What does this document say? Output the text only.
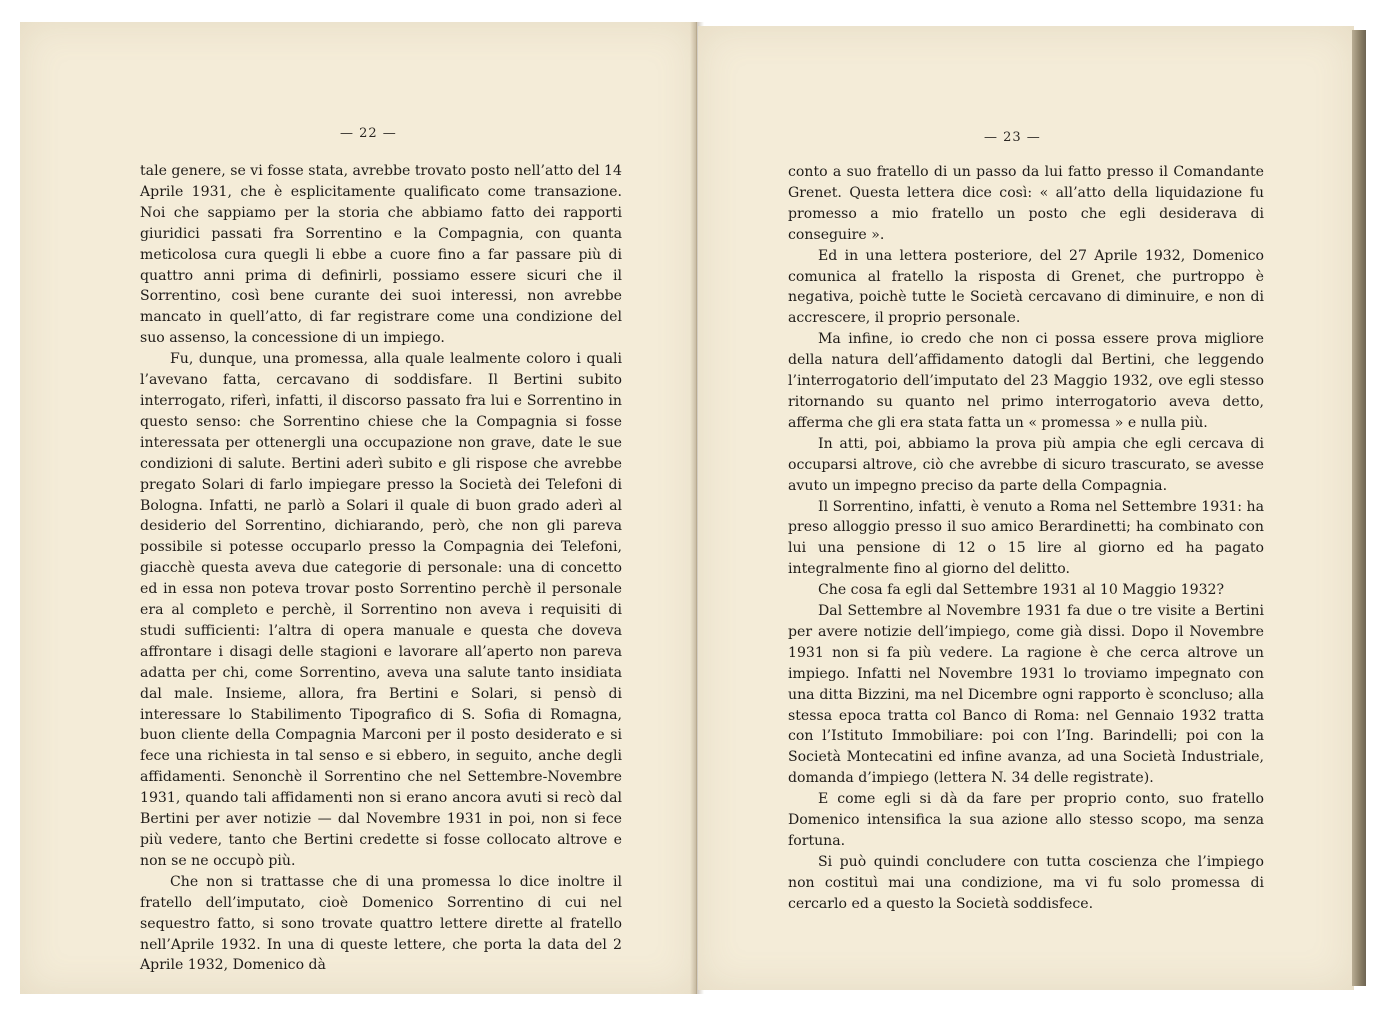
— 22 —

tale genere, se vi fosse stata, avrebbe trovato posto nell’atto del 14 Aprile 1931, che è esplicitamente qualificato come transazione. Noi che sappiamo per la storia che abbiamo fatto dei rapporti giuridici passati fra Sorrentino e la Compagnia, con quanta meticolosa cura quegli li ebbe a cuore fino a far passare più di quattro anni prima di definirli, possiamo essere sicuri che il Sorrentino, così bene curante dei suoi interessi, non avrebbe mancato in quell’atto, di far registrare come una condizione del suo assenso, la concessione di un impiego.

Fu, dunque, una promessa, alla quale lealmente coloro i quali l’avevano fatta, cercavano di soddisfare. Il Bertini subito interrogato, riferì, infatti, il discorso passato fra lui e Sorrentino in questo senso: che Sorrentino chiese che la Compagnia si fosse interessata per ottenergli una occupazione non grave, date le sue condizioni di salute. Bertini aderì subito e gli rispose che avrebbe pregato Solari di farlo impiegare presso la Società dei Telefoni di Bologna. Infatti, ne parlò a Solari il quale di buon grado aderì al desiderio del Sorrentino, dichiarando, però, che non gli pareva possibile si potesse occuparlo presso la Compagnia dei Telefoni, giacchè questa aveva due categorie di personale: una di concetto ed in essa non poteva trovar posto Sorrentino perchè il personale era al completo e perchè, il Sorrentino non aveva i requisiti di studi sufficienti: l’altra di opera manuale e questa che doveva affrontare i disagi delle stagioni e lavorare all’aperto non pareva adatta per chi, come Sorrentino, aveva una salute tanto insidiata dal male. Insieme, allora, fra Bertini e Solari, si pensò di interessare lo Stabilimento Tipografico di S. Sofia di Romagna, buon cliente della Compagnia Marconi per il posto desiderato e si fece una richiesta in tal senso e si ebbero, in seguito, anche degli affidamenti. Senonchè il Sorrentino che nel Settembre-Novembre 1931, quando tali affidamenti non si erano ancora avuti si recò dal Bertini per aver notizie — dal Novembre 1931 in poi, non si fece più vedere, tanto che Bertini credette si fosse collocato altrove e non se ne occupò più.

Che non si trattasse che di una promessa lo dice inoltre il fratello dell’imputato, cioè Domenico Sorrentino di cui nel sequestro fatto, si sono trovate quattro lettere dirette al fratello nell’Aprile 1932. In una di queste lettere, che porta la data del 2 Aprile 1932, Domenico dà

— 23 —

conto a suo fratello di un passo da lui fatto presso il Comandante Grenet. Questa lettera dice così: « all’atto della liquidazione fu promesso a mio fratello un posto che egli desiderava di conseguire ».

Ed in una lettera posteriore, del 27 Aprile 1932, Domenico comunica al fratello la risposta di Grenet, che purtroppo è negativa, poichè tutte le Società cercavano di diminuire, e non di accrescere, il proprio personale.

Ma infine, io credo che non ci possa essere prova migliore della natura dell’affidamento datogli dal Bertini, che leggendo l’interrogatorio dell’imputato del 23 Maggio 1932, ove egli stesso ritornando su quanto nel primo interrogatorio aveva detto, afferma che gli era stata fatta un « promessa » e nulla più.

In atti, poi, abbiamo la prova più ampia che egli cercava di occuparsi altrove, ciò che avrebbe di sicuro trascurato, se avesse avuto un impegno preciso da parte della Compagnia.

Il Sorrentino, infatti, è venuto a Roma nel Settembre 1931: ha preso alloggio presso il suo amico Berardinetti; ha combinato con lui una pensione di 12 o 15 lire al giorno ed ha pagato integralmente fino al giorno del delitto.

Che cosa fa egli dal Settembre 1931 al 10 Maggio 1932?

Dal Settembre al Novembre 1931 fa due o tre visite a Bertini per avere notizie dell’impiego, come già dissi. Dopo il Novembre 1931 non si fa più vedere. La ragione è che cerca altrove un impiego. Infatti nel Novembre 1931 lo troviamo impegnato con una ditta Bizzini, ma nel Dicembre ogni rapporto è sconcluso; alla stessa epoca tratta col Banco di Roma: nel Gennaio 1932 tratta con l’Istituto Immobiliare: poi con l’Ing. Barindelli; poi con la Società Montecatini ed infine avanza, ad una Società Industriale, domanda d’impiego (lettera N. 34 delle registrate).

E come egli si dà da fare per proprio conto, suo fratello Domenico intensifica la sua azione allo stesso scopo, ma senza fortuna.

Si può quindi concludere con tutta coscienza che l’impiego non costituì mai una condizione, ma vi fu solo promessa di cercarlo ed a questo la Società soddisfece.
